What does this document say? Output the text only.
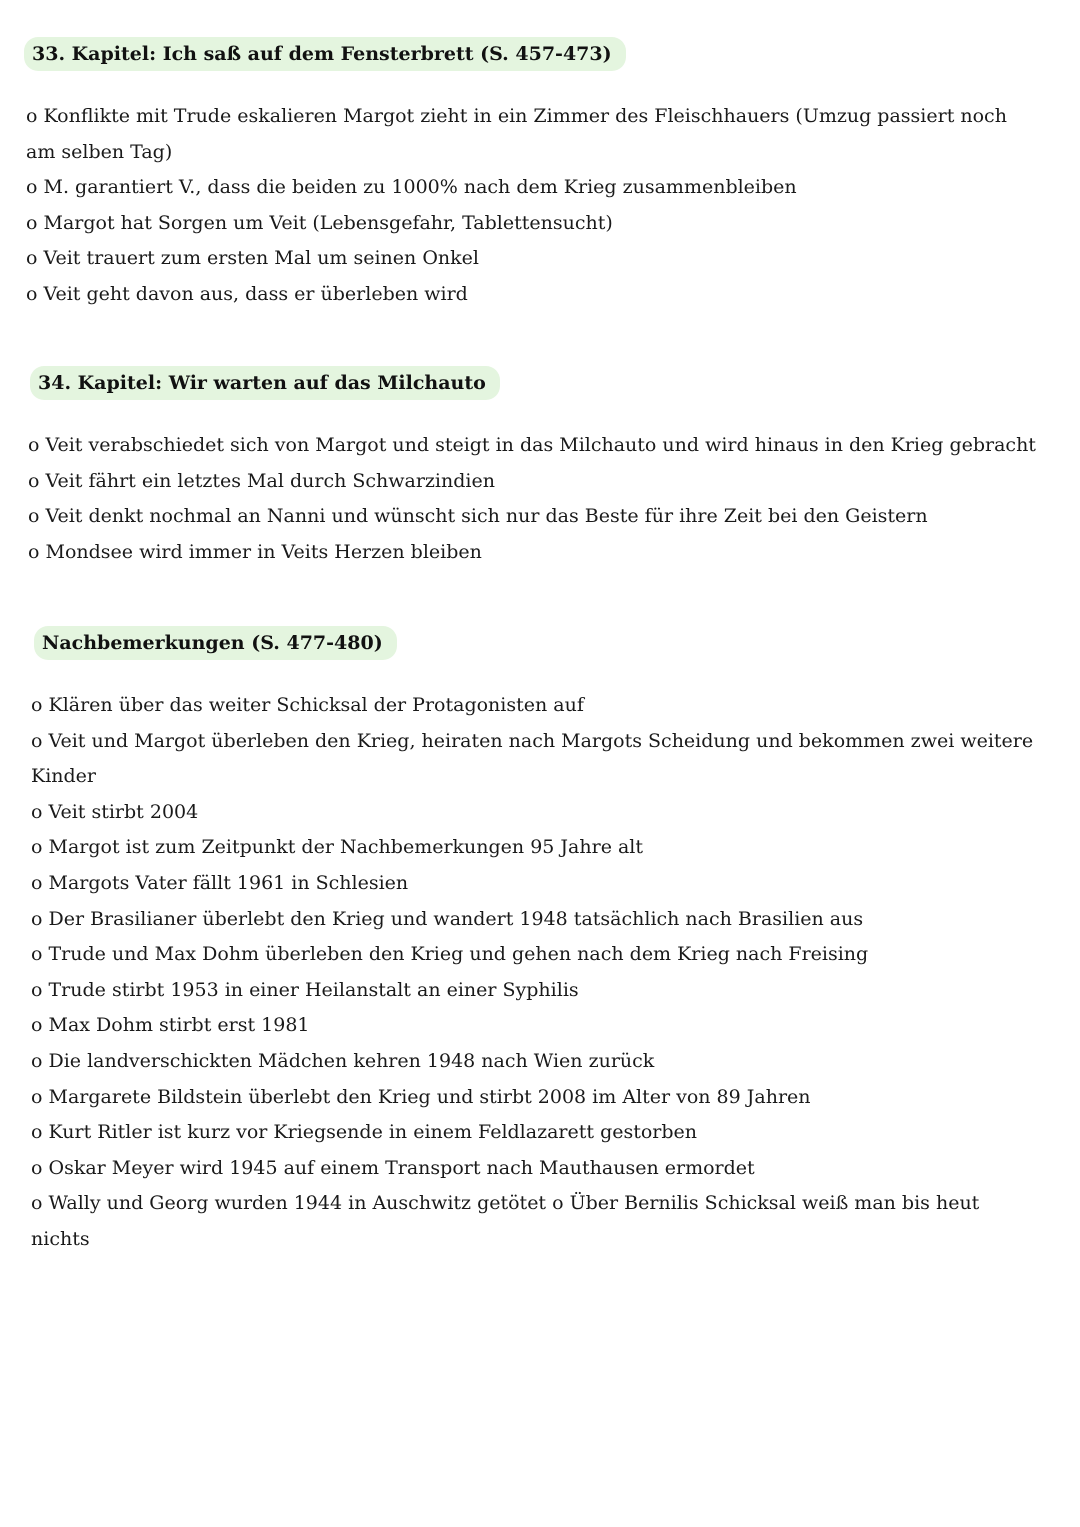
33. Kapitel: Ich saß auf dem Fensterbrett (S. 457-473)
o Konflikte mit Trude eskalieren Margot zieht in ein Zimmer des Fleischhauers (Umzug passiert noch am selben Tag)
o M. garantiert V., dass die beiden zu 1000% nach dem Krieg zusammenbleiben
o Margot hat Sorgen um Veit (Lebensgefahr, Tablettensucht)
o Veit trauert zum ersten Mal um seinen Onkel
o Veit geht davon aus, dass er überleben wird
34. Kapitel: Wir warten auf das Milchauto
o Veit verabschiedet sich von Margot und steigt in das Milchauto und wird hinaus in den Krieg gebracht
o Veit fährt ein letztes Mal durch Schwarzindien
o Veit denkt nochmal an Nanni und wünscht sich nur das Beste für ihre Zeit bei den Geistern
o Mondsee wird immer in Veits Herzen bleiben
Nachbemerkungen (S. 477-480)
o Klären über das weiter Schicksal der Protagonisten auf
o Veit und Margot überleben den Krieg, heiraten nach Margots Scheidung und bekommen zwei weitere Kinder
o Veit stirbt 2004
o Margot ist zum Zeitpunkt der Nachbemerkungen 95 Jahre alt
o Margots Vater fällt 1961 in Schlesien
o Der Brasilianer überlebt den Krieg und wandert 1948 tatsächlich nach Brasilien aus
o Trude und Max Dohm überleben den Krieg und gehen nach dem Krieg nach Freising
o Trude stirbt 1953 in einer Heilanstalt an einer Syphilis
o Max Dohm stirbt erst 1981
o Die landverschickten Mädchen kehren 1948 nach Wien zurück
o Margarete Bildstein überlebt den Krieg und stirbt 2008 im Alter von 89 Jahren
o Kurt Ritler ist kurz vor Kriegsende in einem Feldlazarett gestorben
o Oskar Meyer wird 1945 auf einem Transport nach Mauthausen ermordet
o Wally und Georg wurden 1944 in Auschwitz getötet o Über Bernilis Schicksal weiß man bis heut nichts
